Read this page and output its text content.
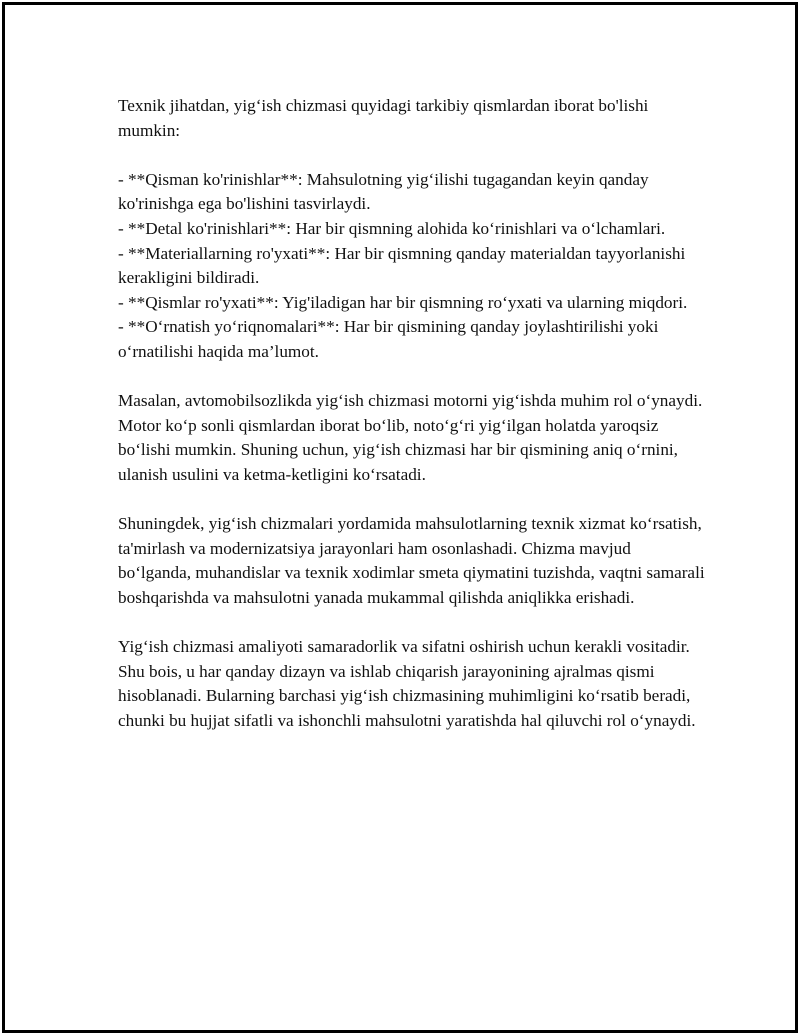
Texnik jihatdan, yig‘ish chizmasi quyidagi tarkibiy qismlardan iborat bo'lishi mumkin:

- **Qisman ko'rinishlar**: Mahsulotning yig‘ilishi tugagandan keyin qanday ko'rinishga ega bo'lishini tasvirlaydi.

- **Detal ko'rinishlari**: Har bir qismning alohida ko‘rinishlari va o‘lchamlari.

- **Materiallarning ro'yxati**: Har bir qismning qanday materialdan tayyorlanishi kerakligini bildiradi.

- **Qismlar ro'yxati**: Yig'iladigan har bir qismning ro‘yxati va ularning miqdori.

- **O‘rnatish yo‘riqnomalari**: Har bir qismining qanday joylashtirilishi yoki o‘rnatilishi haqida ma’lumot.

Masalan, avtomobilsozlikda yig‘ish chizmasi motorni yig‘ishda muhim rol o‘ynaydi. Motor ko‘p sonli qismlardan iborat bo‘lib, noto‘g‘ri yig‘ilgan holatda yaroqsiz bo‘lishi mumkin. Shuning uchun, yig‘ish chizmasi har bir qismining aniq o‘rnini, ulanish usulini va ketma-ketligini ko‘rsatadi.

Shuningdek, yig‘ish chizmalari yordamida mahsulotlarning texnik xizmat ko‘rsatish, ta'mirlash va modernizatsiya jarayonlari ham osonlashadi. Chizma mavjud bo‘lganda, muhandislar va texnik xodimlar smeta qiymatini tuzishda, vaqtni samarali boshqarishda va mahsulotni yanada mukammal qilishda aniqlikka erishadi.

Yig‘ish chizmasi amaliyoti samaradorlik va sifatni oshirish uchun kerakli vositadir. Shu bois, u har qanday dizayn va ishlab chiqarish jarayonining ajralmas qismi hisoblanadi. Bularning barchasi yig‘ish chizmasining muhimligini ko‘rsatib beradi, chunki bu hujjat sifatli va ishonchli mahsulotni yaratishda hal qiluvchi rol o‘ynaydi.
